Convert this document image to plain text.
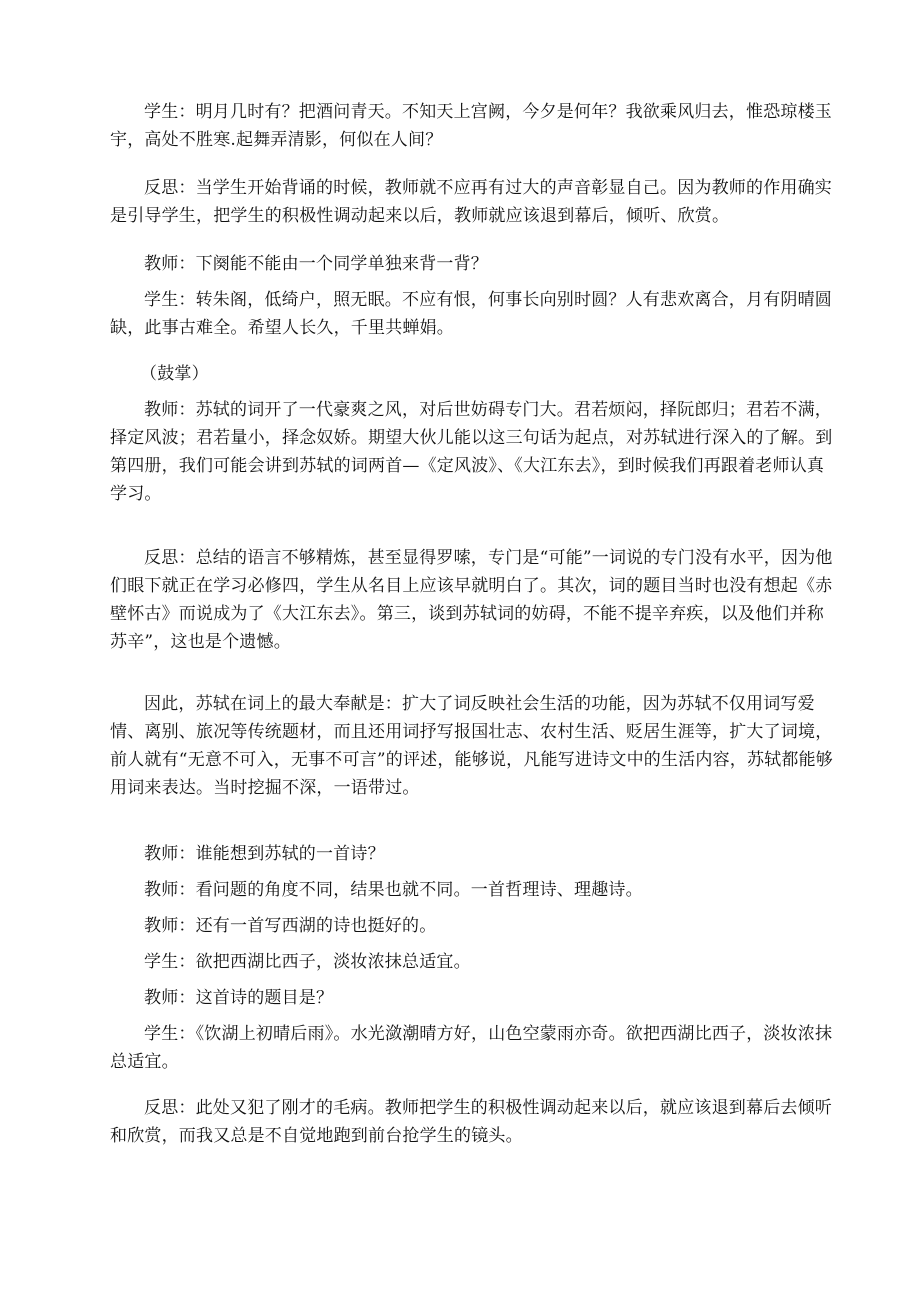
学生：明月几时有？把酒问青天。不知天上宫阙，今夕是何年？我欲乘风归去，惟恐琼楼玉宇，高处不胜寒.起舞弄清影，何似在人间？

反思：当学生开始背诵的时候，教师就不应再有过大的声音彰显自己。因为教师的作用确实是引导学生，把学生的积极性调动起来以后，教师就应该退到幕后，倾听、欣赏。

教师：下阕能不能由一个同学单独来背一背？

学生：转朱阁，低绮户，照无眠。不应有恨，何事长向别时圆？人有悲欢离合，月有阴晴圆缺，此事古难全。希望人长久，千里共蝉娟。

（鼓掌）

教师：苏轼的词开了一代豪爽之风，对后世妨碍专门大。君若烦闷，择阮郎归；君若不满，择定风波；君若量小，择念奴娇。期望大伙儿能以这三句话为起点，对苏轼进行深入的了解。到第四册，我们可能会讲到苏轼的词两首—《定风波》、《大江东去》，到时候我们再跟着老师认真学习。

反思：总结的语言不够精炼，甚至显得罗嗦，专门是“可能”一词说的专门没有水平，因为他们眼下就正在学习必修四，学生从名目上应该早就明白了。其次，词的题目当时也没有想起《赤壁怀古》而说成为了《大江东去》。第三，谈到苏轼词的妨碍，不能不提辛弃疾，以及他们并称苏辛”，这也是个遗憾。

因此，苏轼在词上的最大奉献是：扩大了词反映社会生活的功能，因为苏轼不仅用词写爱情、离别、旅况等传统题材，而且还用词抒写报国壮志、农村生活、贬居生涯等，扩大了词境，前人就有“无意不可入，无事不可言”的评述，能够说，凡能写进诗文中的生活内容，苏轼都能够用词来表达。当时挖掘不深，一语带过。

教师：谁能想到苏轼的一首诗？

教师：看问题的角度不同，结果也就不同。一首哲理诗、理趣诗。

教师：还有一首写西湖的诗也挺好的。

学生：欲把西湖比西子，淡妆浓抹总适宜。

教师：这首诗的题目是？

学生：《饮湖上初晴后雨》。水光潋潮晴方好，山色空蒙雨亦奇。欲把西湖比西子，淡妆浓抹总适宜。

反思：此处又犯了刚才的毛病。教师把学生的积极性调动起来以后，就应该退到幕后去倾听和欣赏，而我又总是不自觉地跑到前台抢学生的镜头。
